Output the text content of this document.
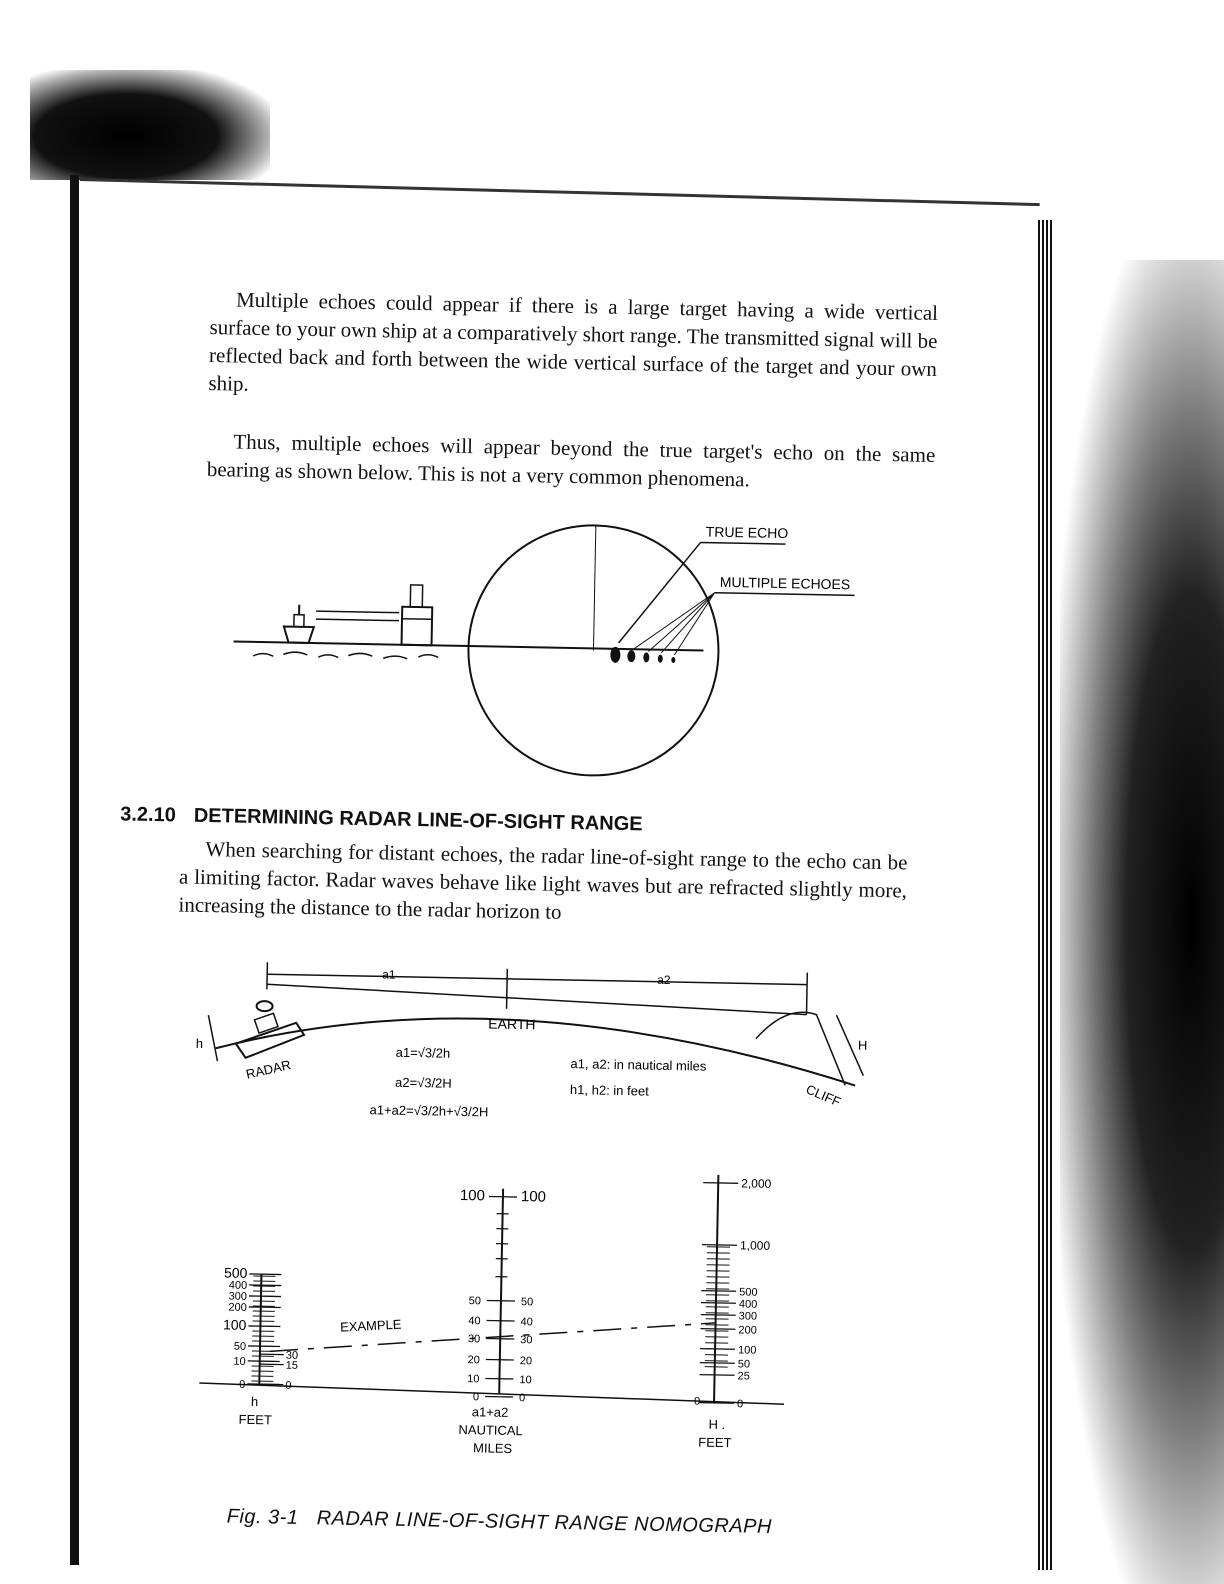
Multiple echoes could appear if there is a large target having a wide vertical surface to your own ship at a comparatively short range. The transmitted signal will be reflected back and forth between the wide vertical surface of the target and your own ship.

Thus, multiple echoes will appear beyond the true target's echo on the same bearing as shown below. This is not a very common phenomena.

TRUE ECHO
MULTIPLE ECHOES
3.2.10 DETERMINING RADAR LINE-OF-SIGHT RANGE

When searching for distant echoes, the radar line-of-sight range to the echo can be a limiting factor. Radar waves behave like light waves but are refracted slightly more, increasing the distance to the radar horizon to

a1	a2
EARTH
RADAR
h	H
CLIFF
a1=√3/2h
a2=√3/2H
a1+a2=√3/2h+√3/2H
a1, a2: in nautical miles
h1, h2: in feet
500
400
300
200
100
50
10
0
30
15
0
h
FEET
100
50
40
30
20
10
0
100
50
40
30
20
10
0
a1+a2
NAUTICAL
MILES
2,000
1,000
500
400
300
200
100
50
25
0
0
H .
FEET
EXAMPLE

Fig. 3-1 RADAR LINE-OF-SIGHT RANGE NOMOGRAPH
